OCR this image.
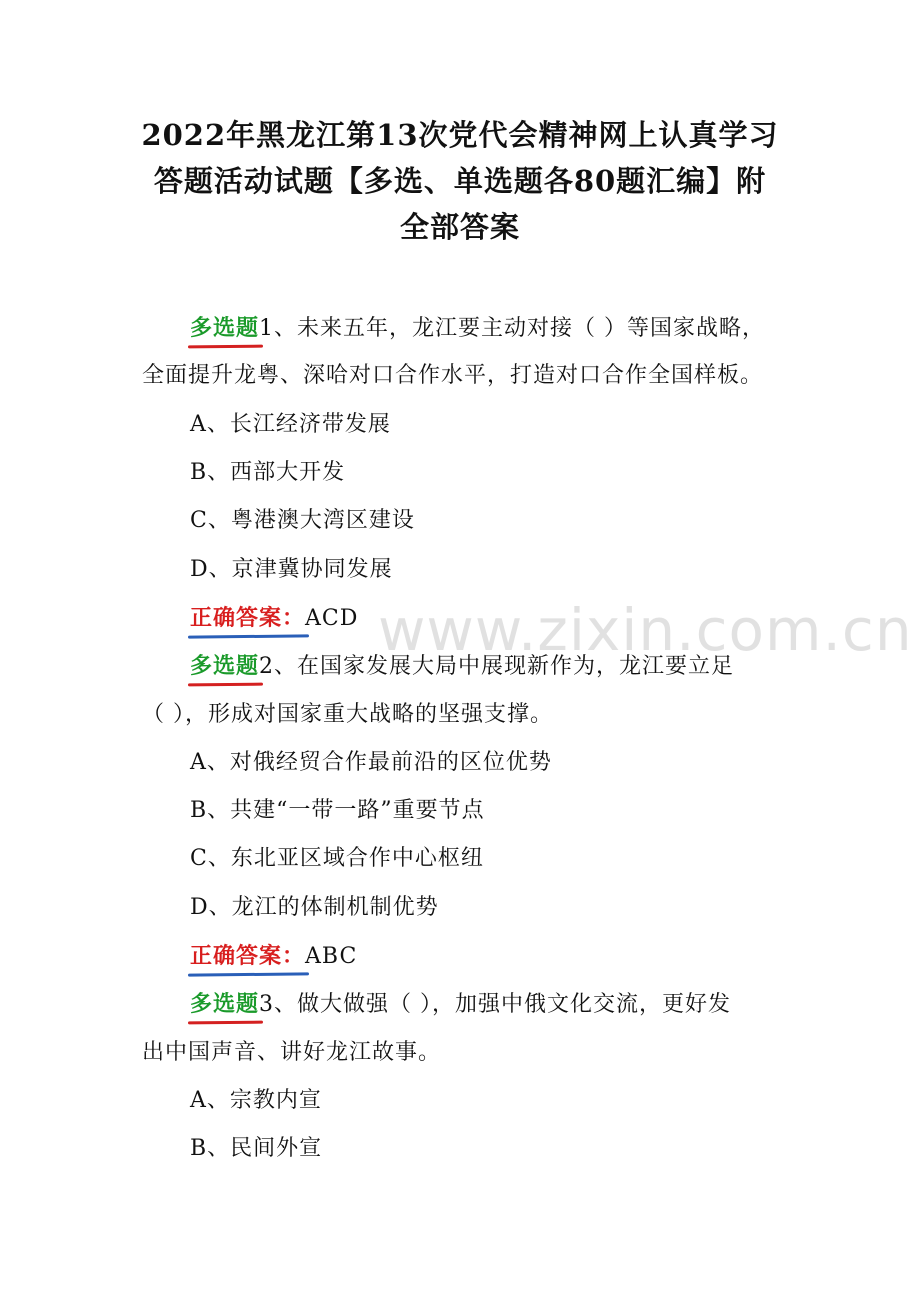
2022年黑龙江第13次党代会精神网上认真学习
答题活动试题【多选、单选题各80题汇编】附
全部答案
多选题1、未来五年，龙江要主动对接（ ）等国家战略，
全面提升龙粤、深哈对口合作水平，打造对口合作全国样板。
A、长江经济带发展
B、西部大开发
C、粤港澳大湾区建设
D、京津冀协同发展
正确答案：ACD
多选题2、在国家发展大局中展现新作为，龙江要立足
（ ），形成对国家重大战略的坚强支撑。
A、对俄经贸合作最前沿的区位优势
B、共建“一带一路”重要节点
C、东北亚区域合作中心枢纽
D、龙江的体制机制优势
正确答案：ABC
多选题3、做大做强（ ），加强中俄文化交流，更好发
出中国声音、讲好龙江故事。
A、宗教内宣
B、民间外宣
www.zixin.com.cn
